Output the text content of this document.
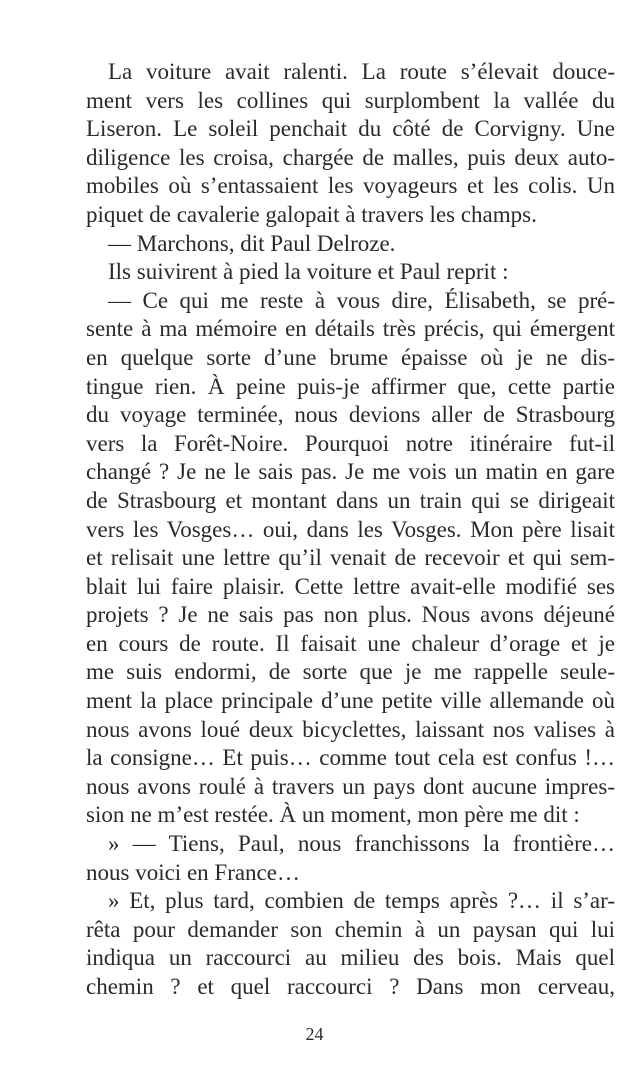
La voiture avait ralenti. La route s’élevait douce-
ment vers les collines qui surplombent la vallée du
Liseron. Le soleil penchait du côté de Corvigny. Une
diligence les croisa, chargée de malles, puis deux auto-
mobiles où s’entassaient les voyageurs et les colis. Un
piquet de cavalerie galopait à travers les champs.
— Marchons, dit Paul Delroze.
Ils suivirent à pied la voiture et Paul reprit :
— Ce qui me reste à vous dire, Élisabeth, se pré-
sente à ma mémoire en détails très précis, qui émergent
en quelque sorte d’une brume épaisse où je ne dis-
tingue rien. À peine puis-je affirmer que, cette partie
du voyage terminée, nous devions aller de Strasbourg
vers la Forêt-Noire. Pourquoi notre itinéraire fut-il
changé ? Je ne le sais pas. Je me vois un matin en gare
de Strasbourg et montant dans un train qui se dirigeait
vers les Vosges… oui, dans les Vosges. Mon père lisait
et relisait une lettre qu’il venait de recevoir et qui sem-
blait lui faire plaisir. Cette lettre avait-elle modifié ses
projets ? Je ne sais pas non plus. Nous avons déjeuné
en cours de route. Il faisait une chaleur d’orage et je
me suis endormi, de sorte que je me rappelle seule-
ment la place principale d’une petite ville allemande où
nous avons loué deux bicyclettes, laissant nos valises à
la consigne… Et puis… comme tout cela est confus !…
nous avons roulé à travers un pays dont aucune impres-
sion ne m’est restée. À un moment, mon père me dit :
» — Tiens, Paul, nous franchissons la frontière…
nous voici en France…
» Et, plus tard, combien de temps après ?… il s’ar-
rêta pour demander son chemin à un paysan qui lui
indiqua un raccourci au milieu des bois. Mais quel
chemin ? et quel raccourci ? Dans mon cerveau,
24
